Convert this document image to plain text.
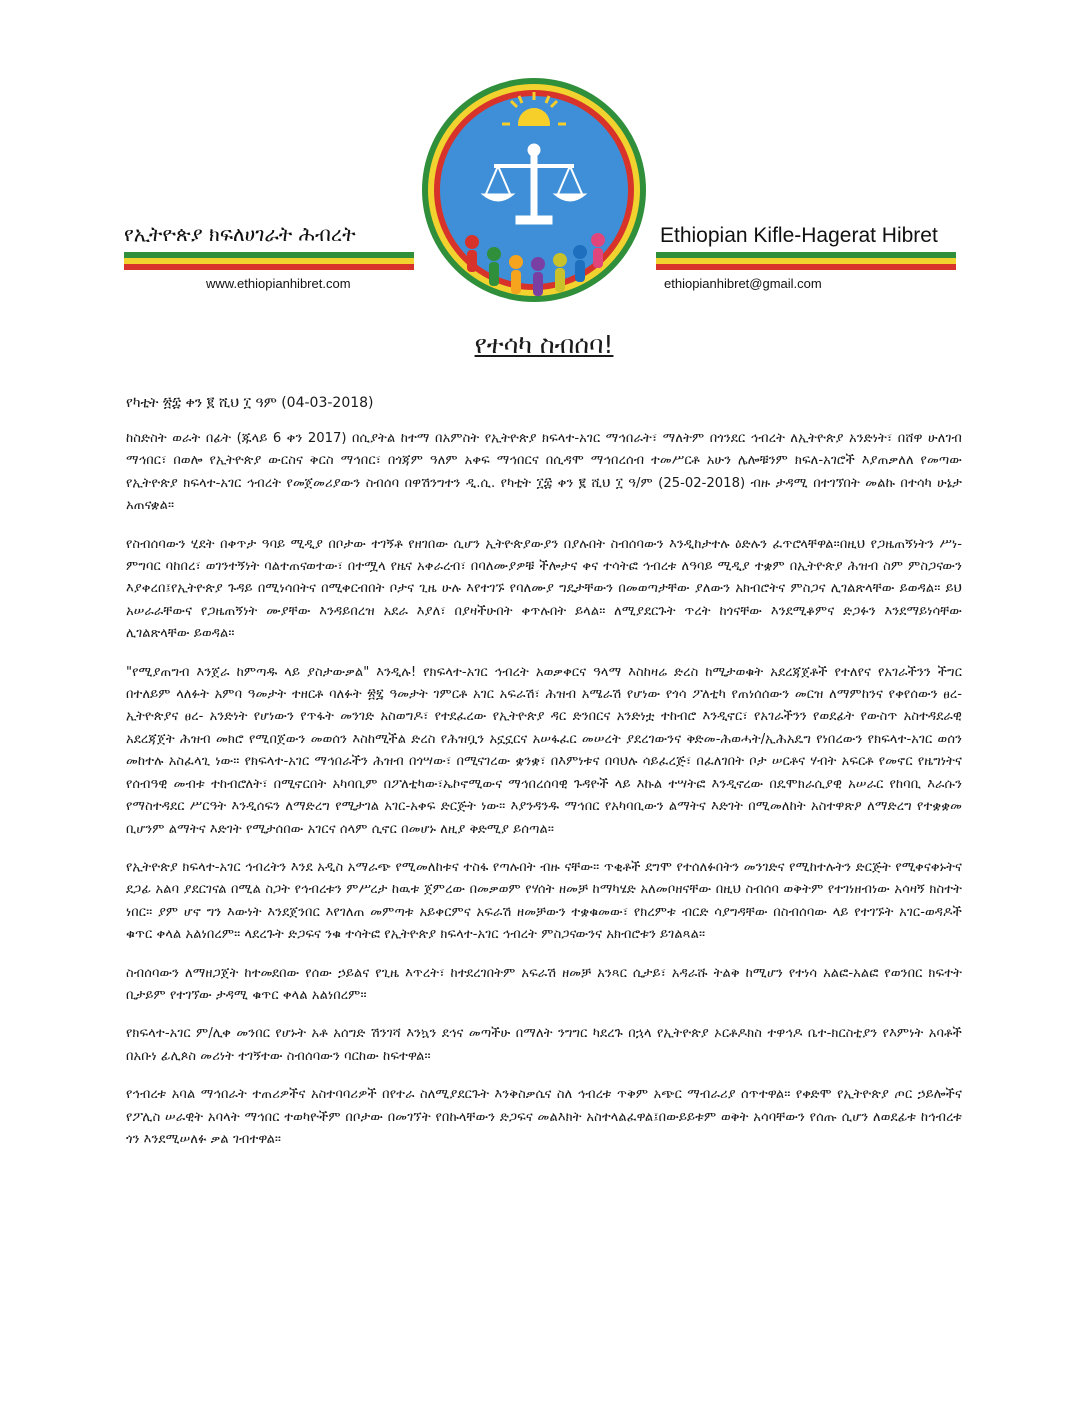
የኢትዮጵያ ክፍለሀገራት ሕብረት	Ethiopian Kifle-Hagerat Hibret
www.ethiopianhibret.com	ethiopianhibret@gmail.com
የተሳካ ስብሰባ!
የካቲት ፳፰ ቀን ፪ ሺህ ፲ ዓም (04-03-2018)

ከስድስት ወራት በፊት (ጁላይ 6 ቀን 2017) በሲያትል ከተማ በአምስት የኢትዮጵያ ክፍላተ-አገር ማኅበራት፣ ማለትም በጎንደር ኅብረት ለኢትዮጵያ አንድነት፣ በሸዋ ሁለገብ ማኅበር፣ በወሎ የኢትዮጵያ ውርስና ቅርስ ማኅበር፣ በጎጃም ዓለም አቀፍ ማኅበርና በሲዳሞ ማኅበረሰብ ተመሥርቶ አሁን ሌሎቹንም ክፍለ-አገሮች እያጠቃለለ የመጣው የኢትዮጵያ ክፍላተ-አገር ኅብረት የመጀመሪያውን ስብሰባ በዋሽንግተን ዲ.ሲ. የካቲት ፲፰ ቀን ፪ ሺህ ፲ ዓ/ም (25-02-2018) ብዙ ታዳሚ በተገኘበት መልኩ በተሳካ ሁኔታ አጠናቋል።

የስብሰባውን ሂደት በቀጥታ ዓባይ ሚዲያ በቦታው ተገኝቶ የዘገበው ሲሆን ኢትዮጵያውያን በያሉበት ስብሰባውን እንዲከታተሉ ዕድሉን ፈጥሮላቸዋል።በዚህ የጋዜጠኝነትን ሥነ-ምግባር ባከበረ፣ ወገንተኝነት ባልተጠናወተው፣ በተሟላ የዜና አቀራረብ፣ በባለሙያዎቹ ችሎታና ቀና ተሳትፎ ኅብረቱ ለዓባይ ሚዲያ ተቋም በኢትዮጵያ ሕዝብ ስም ምስጋናውን እያቀረበ፤የኢትዮጵያ ጉዳይ በሚነሳበትና በሚቀርብበት ቦታና ጊዜ ሁሉ እየተገኙ የባለሙያ ግዴታቸውን በመወጣታቸው ያለውን አክብሮትና ምስጋና ሊገልጽላቸው ይወዳል። ይህ አሠራራቸውና የጋዜጠኝነት ሙያቸው እንዳይበረዝ አደራ እያለ፣ በያዛችሁበት ቀጥሉበት ይላል። ለሚያደርጉት ጥረት ከጎናቸው እንደሚቆምና ድጋፉን እንደማይነሳቸው ሊገልጽላቸው ይወዳል።

"የሚያጠግብ እንጀራ ከምጣዱ ላይ ያስታውቃል" እንዲሉ! የክፍላተ-አገር ኅብረት አወቃቀርና ዓላማ እስከዛሬ ድረስ ከሚታወቁት አደረጃጀቶች የተለየና የአገራችንን ችግር በተለይም ላለፉት አምባ ዓመታት ተዘርቶ ባለፉት ፳፯ ዓመታት ገምርቶ አገር አፍራሽ፣ ሕዝብ አሜራሽ የሆነው የጎሳ ፖለቲካ የጠነሰሰውን መርዝ ለማምከንና የቀየሰውን ፀረ-ኢትዮጵያና ፀረ- አንድነት የሆነውን የጥፋት መንገድ አስወግዶ፣ የተደፈረው የኢትዮጵያ ዳር ድንበርና አንድነቷ ተከብሮ እንዲኖር፣ የአገራችንን የወደፊት የውስጥ አስተዳደራዊ አደረጃጀት ሕዝብ መክሮ የሚበጀውን መወሰን እስከሚችል ድረስ የሕዝቧን አኗኗርና አሠፋፈር መሠረት ያደረገውንና ቅድመ-ሕወሓት/ኢሕአዴግ የነበረውን የክፍላተ-አገር ወሰን መከተሉ አስፈላጊ ነው። የክፍላተ-አገር ማኅበራችን ሕዝብ በጎሣው፣ በሚናገረው ቋንቋ፣ በእምነቱና በባህሉ ሳይፈረጅ፣ በፈለገበት ቦታ ሠርቶና ሃብት አፍርቶ የመኖር የዜግነትና የሰብዓዊ መብቱ ተከብሮለት፣ በሚኖርበት አካባቢም በፖለቲካው፣ኤኮኖሚውና ማኅበረሰባዊ ጉዳዮች ላይ እኩል ተሣትፎ እንዲኖረው በዴሞክራሲያዊ አሠራር የከባቢ እራሱን የማስተዳደር ሥርዓት እንዲሰፍን ለማድረግ የሚታገል አገር-አቀፍ ድርጅት ነው። እያንዳንዱ ማኅበር የአካባቢውን ልማትና እድገት በሚመለከት አስተዋጽዖ ለማድረግ የተቋቋመ ቢሆንም ልማትና እድገት የሚታሰበው አገርና ሰላም ሲኖር በመሆኑ ለዚያ ቅድሚያ ይሰጣል።

የኢትዮጵያ ክፍላተ-አገር ኅብረትን እንደ አዲስ አማራጭ የሚመለከቱና ተስፋ የጣሉበት ብዙ ናቸው። ጥቂቶች ደግሞ የተሰለፉበትን መንገድና የሚከተሉትን ድርጅት የሚቀናቀኑትና ደጋፊ አልባ ያደርገናል በሚል ስጋት የኅብረቱን ምሥረታ ከዉቱ ጀምረው በመቃወም የሃሰት ዘመቻ ከማካሄድ አለመቦዘናቸው በዚህ ስብሰባ ወቅትም የተገነዘብነው አሳዛኝ ክስተት ነበር። ያም ሆኖ ግን እውነት እንደጀንበር እየገለጠ መምጣቱ አይቀርምና አፍራሽ ዘመቻውን ተቋቁመው፣ የክረምቱ ብርድ ሳያግዳቸው በስብሰባው ላይ የተገኙት አገር-ወዳዶች ቁጥር ቀላል አልነበረም። ላደረጉት ድጋፍና ንቁ ተሳትፎ የኢትዮጵያ ክፍላተ-አገር ኅብረት ምስጋናውንና አክብሮቱን ይገልጻል።

ስብሰባውን ለማዘጋጀት ከተመደበው የሰው ኃይልና የጊዜ እጥረት፣ ከተደረገበትም አፍራሽ ዘመቻ አንጻር ሲታይ፣ አዳራሹ ትልቅ ከሚሆን የተነሳ አልፎ-አልፎ የወንበር ክፍተት ቢታይም የተገኘው ታዳሚ ቁጥር ቀላል አልነበረም።

የክፍላተ-አገር ም/ሊቀ መንበር የሆኑት አቶ አሰግድ ሽንገሻ እንኳን ደኅና መጣችሁ በማለት ንግግር ካደረጉ በኋላ የኢትዮጵያ ኦርቶዶክስ ተዋኅዶ ቤተ-ክርስቲያን የእምነት አባቶች በአቡነ ፊሊጶስ መሪነት ተገኝተው ስብሰባውን ባርከው ከፍተዋል።

የኅብረቱ አባል ማኅበራት ተጠሪዎችና አስተባባሪዎች በየተራ ስለሚያደርጉት እንቅስቃሴና ስለ ኅብረቱ ጥቅም አጭር ማብራሪያ ሰጥተዋል። የቀድሞ የኢትዮጵያ ጦር ኃይሎችና የፖሊስ ሠራዊት አባላት ማኅበር ተወካዮችም በቦታው በመገኘት የበኩላቸውን ድጋፍና መልእክት አስተላልፈዋል፤በውይይቱም ወቅት አሳባቸውን የሰጡ ሲሆን ለወደፊቱ ከኅብረቱ ጎን እንደሚሠለፉ ቃል ገብተዋል።
